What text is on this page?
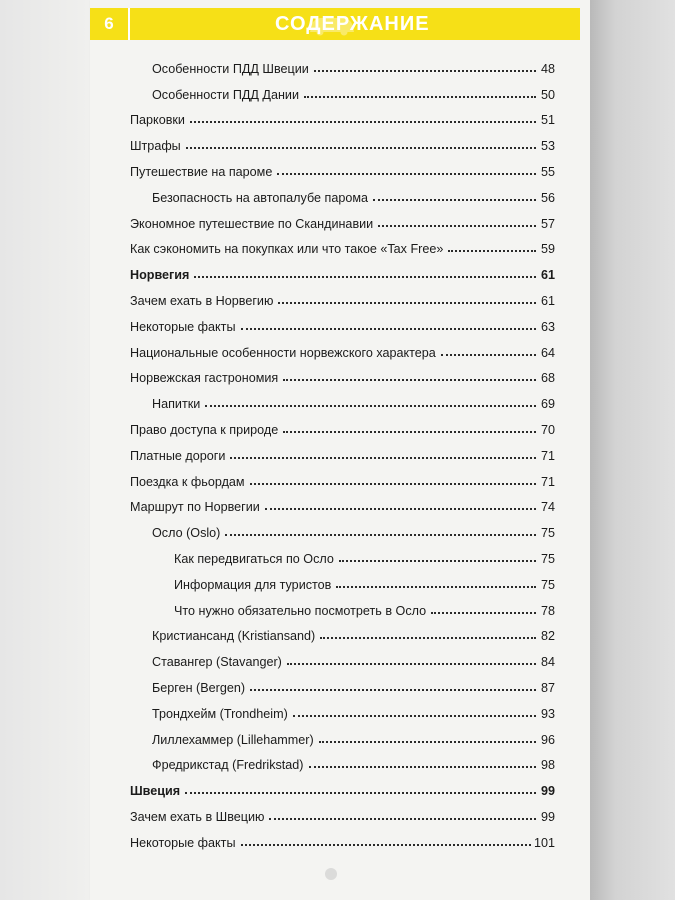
6	СОДЕРЖАНИЕ
Особенности ПДД Швеции	48
Особенности ПДД Дании	50
Парковки	51
Штрафы	53
Путешествие на пароме	55
Безопасность на автопалубе парома	56
Экономное путешествие по Скандинавии	57
Как сэкономить на покупках или что такое «Tax Free»	59
Норвегия	61
Зачем ехать в Норвегию	61
Некоторые факты	63
Национальные особенности норвежского характера	64
Норвежская гастрономия	68
Напитки	69
Право доступа к природе	70
Платные дороги	71
Поездка к фьордам	71
Маршрут по Норвегии	74
Осло (Oslo)	75
Как передвигаться по Осло	75
Информация для туристов	75
Что нужно обязательно посмотреть в Осло	78
Кристиансанд (Kristiansand)	82
Ставангер (Stavanger)	84
Берген (Bergen)	87
Трондхейм (Trondheim)	93
Лиллехаммер (Lillehammer)	96
Фредрикстад (Fredrikstad)	98
Швеция	99
Зачем ехать в Швецию	99
Некоторые факты	101
